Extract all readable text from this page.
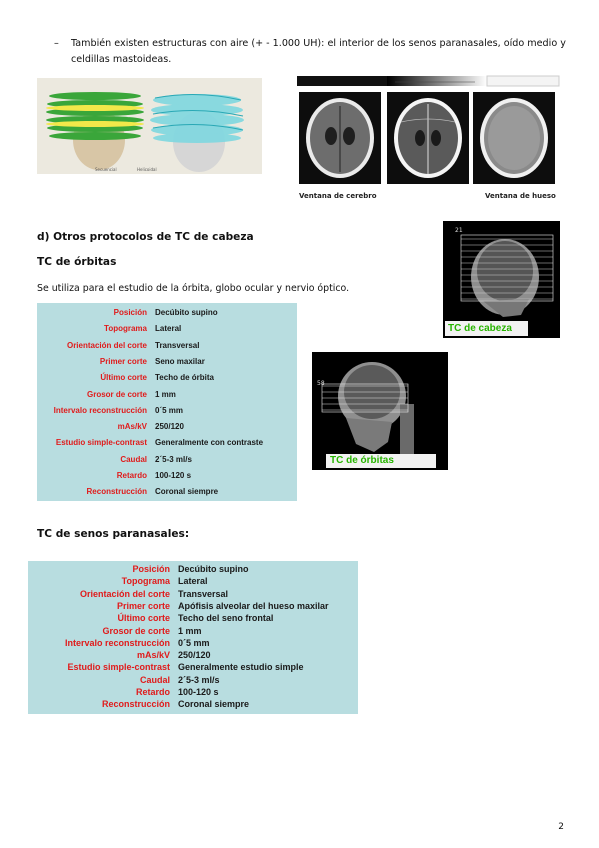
– También existen estructuras con aire (+ - 1.000 UH): el interior de los senos paranasales, oído medio y celdillas mastoideas.
Secuencial	Helicoidal
Ventana de cerebro	Ventana de hueso
d) Otros protocolos de TC de cabeza
TC de órbitas
Se utiliza para el estudio de la órbita, globo ocular y nervio óptico.
Posición Decúbito supino
Topograma Lateral
Orientación del corte Transversal
Primer corte Seno maxilar
Último corte Techo de órbita
Grosor de corte 1 mm
Intervalo reconstrucción 0´5 mm
mAs/kV 250/120
Estudio simple-contrast Generalmente con contraste
Caudal 2´5-3 ml/s
Retardo 100-120 s
Reconstrucción Coronal siempre
21
TC de cabeza
58
TC de órbitas
TC de senos paranasales:
Posición Decúbito supino
Topograma Lateral
Orientación del corte Transversal
Primer corte Apófisis alveolar del hueso maxilar
Último corte Techo del seno frontal
Grosor de corte 1 mm
Intervalo reconstrucción 0´5 mm
mAs/kV 250/120
Estudio simple-contrast Generalmente estudio simple
Caudal 2´5-3 ml/s
Retardo 100-120 s
Reconstrucción Coronal siempre
2
